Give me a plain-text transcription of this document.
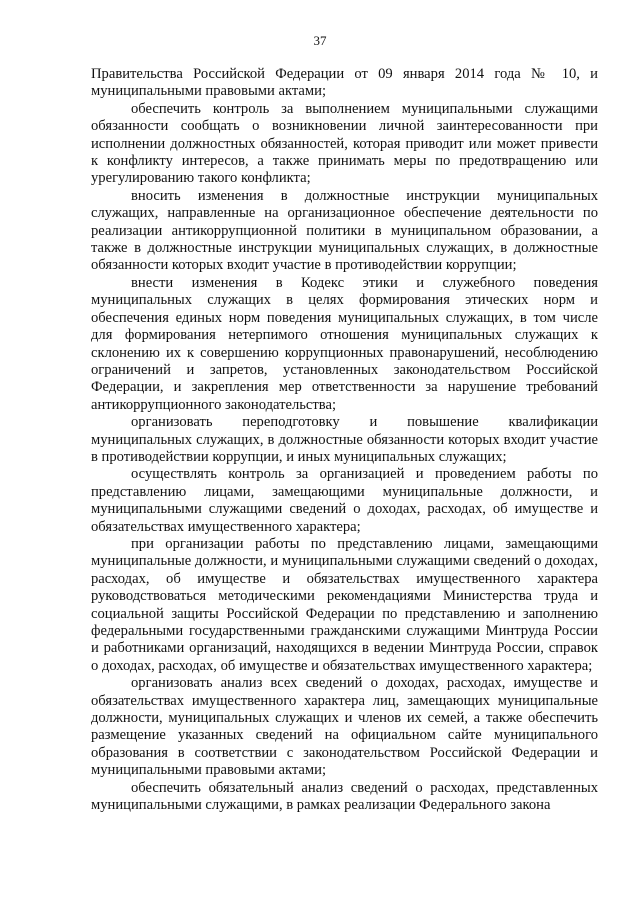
37

Правительства Российской Федерации от 09 января 2014 года № 10, и муниципальными правовыми актами;

обеспечить контроль за выполнением муниципальными служащими обязанности сообщать о возникновении личной заинтересованности при исполнении должностных обязанностей, которая приводит или может привести к конфликту интересов, а также принимать меры по предотвращению или урегулированию такого конфликта;

вносить изменения в должностные инструкции муниципальных служащих, направленные на организационное обеспечение деятельности по реализации антикоррупционной политики в муниципальном образовании, а также в должностные инструкции муниципальных служащих, в должностные обязанности которых входит участие в противодействии коррупции;

внести изменения в Кодекс этики и служебного поведения муниципальных служащих в целях формирования этических норм и обеспечения единых норм поведения муниципальных служащих, в том числе для формирования нетерпимого отношения муниципальных служащих к склонению их к совершению коррупционных правонарушений, несоблюдению ограничений и запретов, установленных законодательством Российской Федерации, и закрепления мер ответственности за нарушение требований антикоррупционного законодательства;

организовать переподготовку и повышение квалификации муниципальных служащих, в должностные обязанности которых входит участие в противодействии коррупции, и иных муниципальных служащих;

осуществлять контроль за организацией и проведением работы по представлению лицами, замещающими муниципальные должности, и муниципальными служащими сведений о доходах, расходах, об имуществе и обязательствах имущественного характера;

при организации работы по представлению лицами, замещающими муниципальные должности, и муниципальными служащими сведений о доходах, расходах, об имуществе и обязательствах имущественного характера руководствоваться методическими рекомендациями Министерства труда и социальной защиты Российской Федерации по представлению и заполнению федеральными государственными гражданскими служащими Минтруда России и работниками организаций, находящихся в ведении Минтруда России, справок о доходах, расходах, об имуществе и обязательствах имущественного характера;

организовать анализ всех сведений о доходах, расходах, имуществе и обязательствах имущественного характера лиц, замещающих муниципальные должности, муниципальных служащих и членов их семей, а также обеспечить размещение указанных сведений на официальном сайте муниципального образования в соответствии с законодательством Российской Федерации и муниципальными правовыми актами;

обеспечить обязательный анализ сведений о расходах, представленных муниципальными служащими, в рамках реализации Федерального закона
